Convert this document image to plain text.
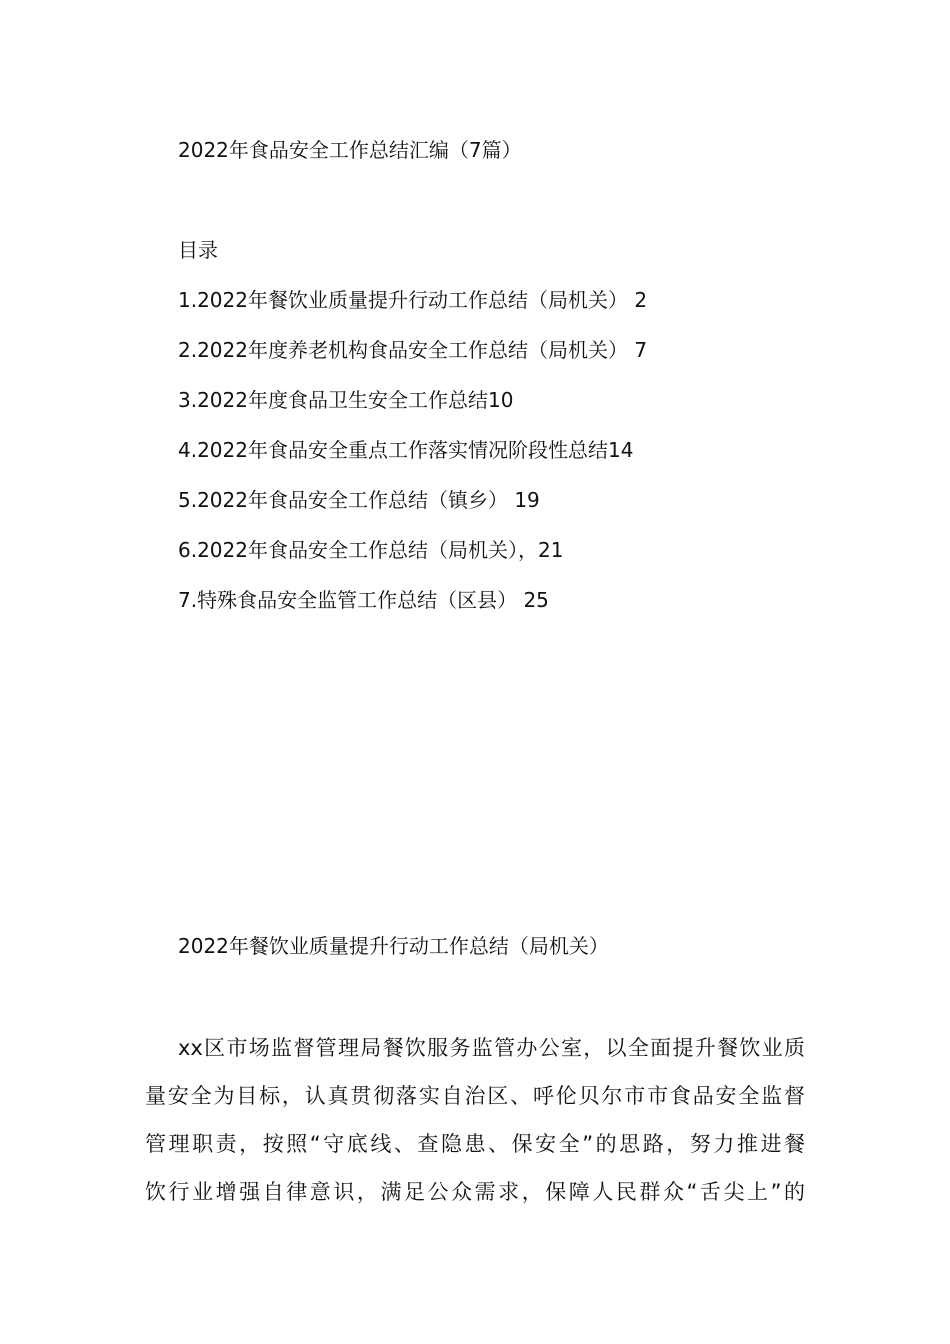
2022年食品安全工作总结汇编（7篇）
目录
1.2022年餐饮业质量提升行动工作总结（局机关） 2
2.2022年度养老机构食品安全工作总结（局机关） 7
3.2022年度食品卫生安全工作总结10
4.2022年食品安全重点工作落实情况阶段性总结14
5.2022年食品安全工作总结（镇乡） 19
6.2022年食品安全工作总结（局机关），21
7.特殊食品安全监管工作总结（区县） 25
2022年餐饮业质量提升行动工作总结（局机关）
xx区市场监督管理局餐饮服务监管办公室，以全面提升餐饮业质
量安全为目标，认真贯彻落实自治区、呼伦贝尔市市食品安全监督
管理职责，按照“守底线、查隐患、保安全”的思路，努力推进餐
饮行业增强自律意识，满足公众需求，保障人民群众“舌尖上”的
